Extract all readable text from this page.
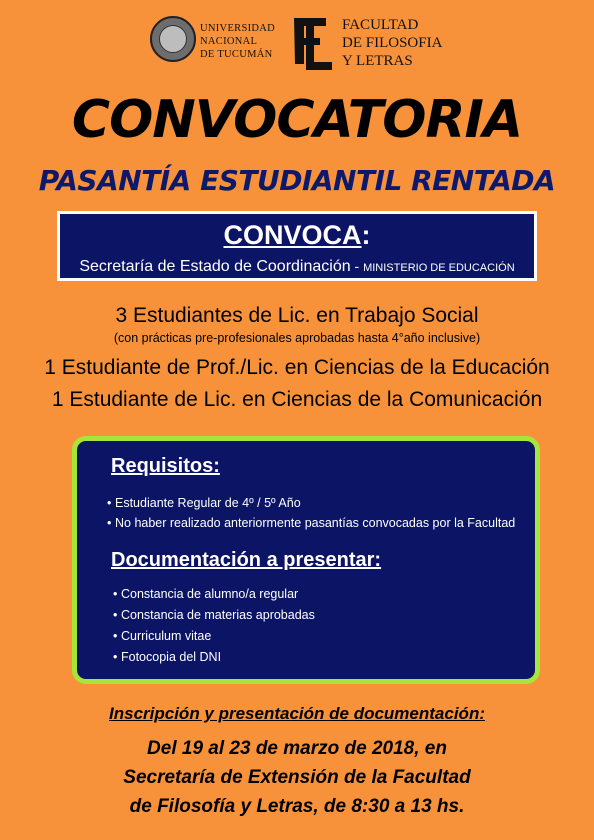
UNIVERSIDAD
NACIONAL
DE TUCUMÁN
FACULTAD
DE FILOSOFIA
Y LETRAS
CONVOCATORIA
PASANTÍA ESTUDIANTIL RENTADA
CONVOCA:
Secretaría de Estado de Coordinación - MINISTERIO DE EDUCACIÓN
3 Estudiantes de Lic. en Trabajo Social
(con prácticas pre-profesionales aprobadas hasta 4°año inclusive)
1 Estudiante de Prof./Lic. en Ciencias de la Educación
1 Estudiante de Lic. en Ciencias de la Comunicación
Requisitos:
• Estudiante Regular de 4º / 5º Año
• No haber realizado anteriormente pasantías convocadas por la Facultad
Documentación a presentar:
• Constancia de alumno/a regular
• Constancia de materias aprobadas
• Curriculum vitae
• Fotocopia del DNI
Inscripción y presentación de documentación:
Del 19 al 23 de marzo de 2018, en
Secretaría de Extensión de la Facultad
de Filosofía y Letras, de 8:30 a 13 hs.
